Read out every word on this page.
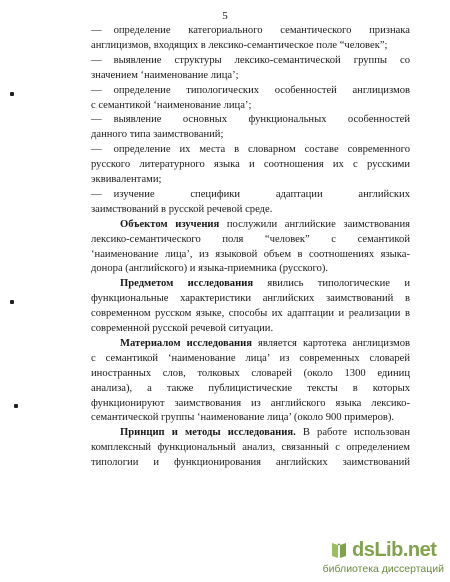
5
— определение категориального семантического признака
англицизмов, входящих в лексико-семантическое поле “человек”;
— выявление структуры лексико-семантической группы со
значением ‘наименование лица’;
— определение типологических особенностей англицизмов
с семантикой ‘наименование лица’;
— выявление основных функциональных особенностей
данного типа заимствований;
— определение их места в словарном составе современного
русского литературного языка и соотношения их с русскими
эквивалентами;
— изучение специфики адаптации английских
заимствований в русской речевой среде.
Объектом изучения послужили английские заимствования
лексико-семантического поля “человек” с семантикой
‘наименование лица’, из языковой объем в соотношениях языка-
донора (английского) и языка-приемника (русского).
Предметом исследования явились типологические и
функциональные характеристики английских заимствований в
современном русском языке, способы их адаптации и реализации в
современной русской речевой ситуации.
Материалом исследования является картотека англицизмов
с семантикой ‘наименование лица’ из современных словарей
иностранных слов, толковых словарей (около 1300 единиц
анализа), а также публицистические тексты в которых
функционируют заимствования из английского языка лексико-
семантической группы ‘наименование лица’ (около 900 примеров).
Принцип и методы исследования. В работе использован
комплексный функциональный анализ, связанный с определением
типологии и функционирования английских заимствований
dsLib.net
библиотека диссертаций
